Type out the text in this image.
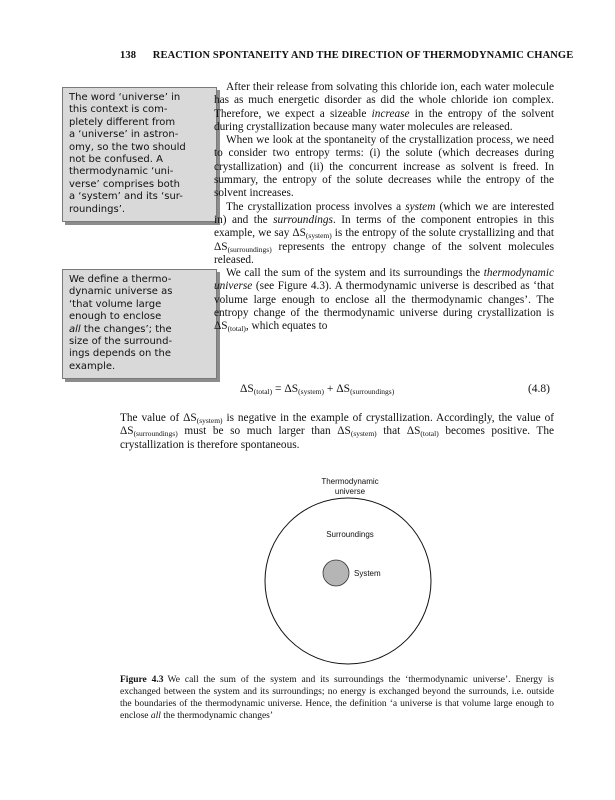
138 REACTION SPONTANEITY AND THE DIRECTION OF THERMODYNAMIC CHANGE
The word ‘universe’ in
this context is com-
pletely different from
a ‘universe’ in astron-
omy, so the two should
not be confused. A
thermodynamic ‘uni-
verse’ comprises both
a ‘system’ and its ‘sur-
roundings’.
We define a thermo-
dynamic universe as
‘that volume large
enough to enclose
all the changes’; the
size of the surround-
ings depends on the
example.

After their release from solvating this chloride ion, each water molecule has as much energetic disorder as did the whole chloride ion complex. Therefore, we expect a sizeable increase in the entropy of the solvent during crystallization because many water molecules are released.

When we look at the spontaneity of the crystallization process, we need to consider two entropy terms: (i) the solute (which decreases during crystallization) and (ii) the concurrent increase as solvent is freed. In summary, the entropy of the solute decreases while the entropy of the solvent increases.

The crystallization process involves a system (which we are interested in) and the surroundings. In terms of the component entropies in this example, we say $\Delta S_{(system)}$ is the entropy of the solute crystallizing and that $\Delta S_{(surroundings)}$ represents the entropy change of the solvent molecules released.

We call the sum of the system and its surroundings the thermodynamic universe (see Figure 4.3). A thermodynamic universe is described as ‘that volume large enough to enclose all the thermodynamic changes’. The entropy change of the thermodynamic universe during crystallization is $\Delta S_{(total)}$, which equates to

$\Delta S_{(total)} = \Delta S_{(system)} + \Delta S_{(surroundings)}$	(4.8)

The value of $\Delta S_{(system)}$ is negative in the example of crystallization. Accordingly, the value of $\Delta S_{(surroundings)}$ must be so much larger than $\Delta S_{(system)}$ that $\Delta S_{(total)}$ becomes positive. The crystallization is therefore spontaneous.

Thermodynamic universe
Surroundings
System
Figure 4.3 We call the sum of the system and its surroundings the ‘thermodynamic universe’. Energy is exchanged between the system and its surroundings; no energy is exchanged beyond the surrounds, i.e. outside the boundaries of the thermodynamic universe. Hence, the definition ‘a universe is that volume large enough to enclose all the thermodynamic changes’
